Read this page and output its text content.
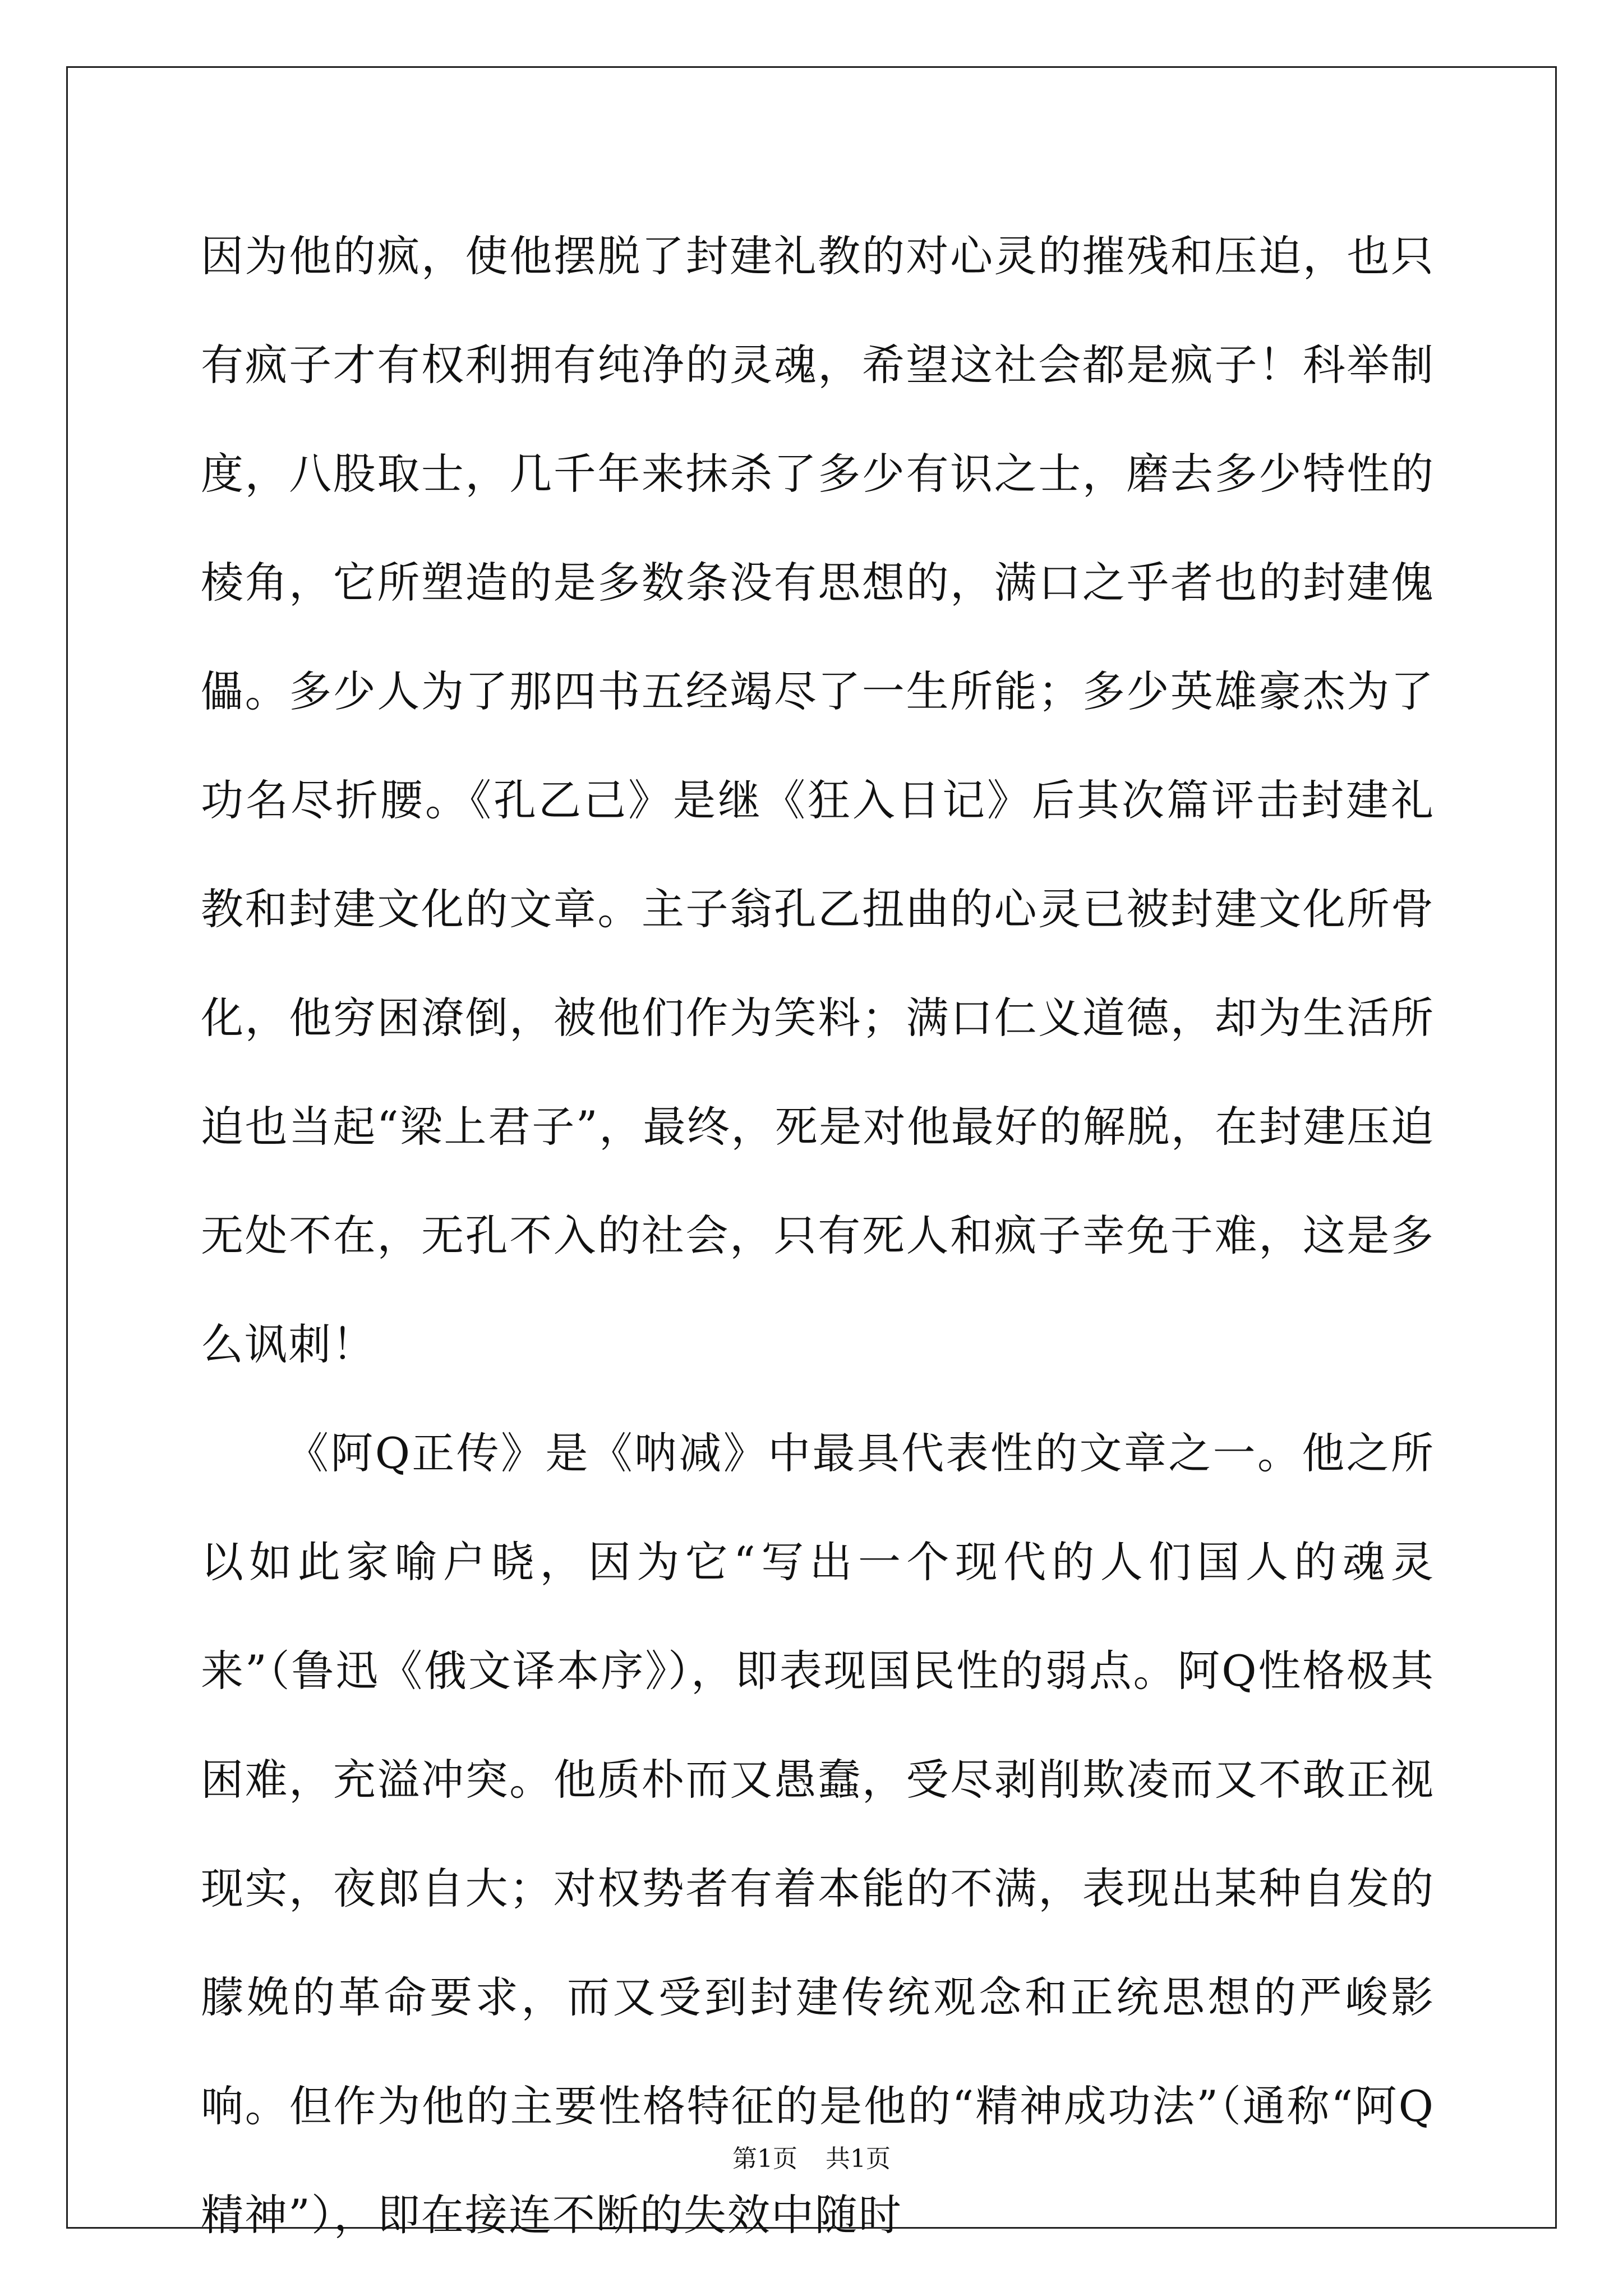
因为他的疯，使他摆脱了封建礼教的对心灵的摧残和压迫，也只有疯子才有权利拥有纯净的灵魂，希望这社会都是疯子！科举制度，八股取士，几千年来抹杀了多少有识之士，磨去多少特性的棱角，它所塑造的是多数条没有思想的，满口之乎者也的封建傀儡。多少人为了那四书五经竭尽了一生所能；多少英雄豪杰为了功名尽折腰。《孔乙己》是继《狂入日记》后其次篇评击封建礼教和封建文化的文章。主子翁孔乙扭曲的心灵已被封建文化所骨化，他穷困潦倒，被他们作为笑料；满口仁义道德，却为生活所迫也当起“梁上君子”，最终，死是对他最好的解脱，在封建压迫无处不在，无孔不入的社会，只有死人和疯子幸免于难，这是多么讽刺！

《阿Q正传》是《呐减》中最具代表性的文章之一。他之所以如此家喻户晓，因为它“写出一个现代的人们国人的魂灵来”（鲁迅《俄文译本序》），即表现国民性的弱点。阿Q性格极其困难，充溢冲突。他质朴而又愚蠢，受尽剥削欺凌而又不敢正视现实，夜郎自大；对权势者有着本能的不满，表现出某种自发的朦娩的革命要求，而又受到封建传统观念和正统思想的严峻影响。但作为他的主要性格特征的是他的“精神成功法”（通称“阿Q精神”），即在接连不断的失效中随时

第1页 共1页
